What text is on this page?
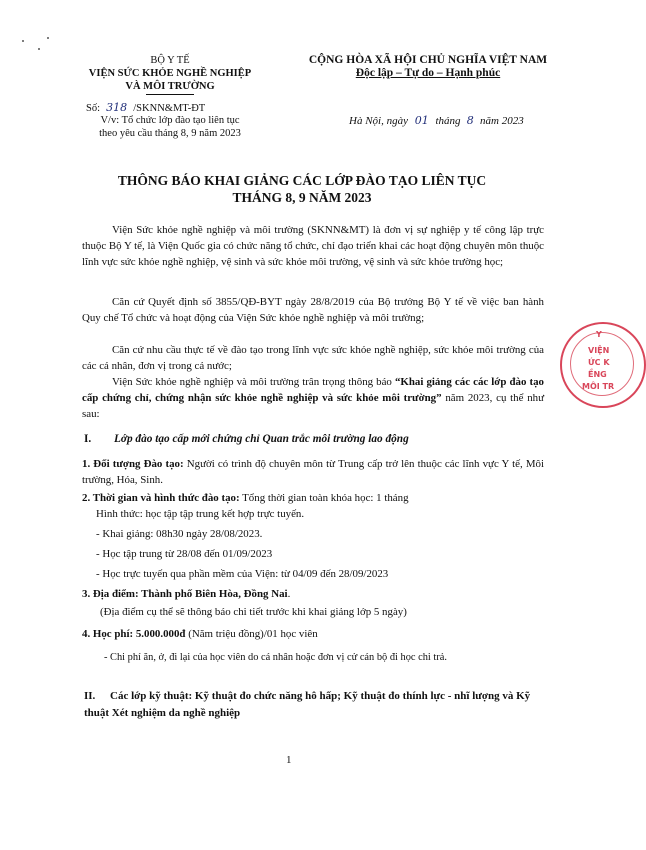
BỘ Y TẾ
VIỆN SỨC KHỎE NGHỀ NGHIỆP
VÀ MÔI TRƯỜNG
CỘNG HÒA XÃ HỘI CHỦ NGHĨA VIỆT NAM
Độc lập – Tự do – Hạnh phúc
Số: 318 /SKNN&MT-ĐT
V/v: Tổ chức lớp đào tạo liên tục
theo yêu cầu tháng 8, 9 năm 2023
Hà Nội, ngày 01 tháng 8 năm 2023
THÔNG BÁO KHAI GIẢNG CÁC LỚP ĐÀO TẠO LIÊN TỤC
THÁNG 8, 9 NĂM 2023
Viện Sức khỏe nghề nghiệp và môi trường (SKNN&MT) là đơn vị sự nghiệp y tế công lập trực thuộc Bộ Y tế, là Viện Quốc gia có chức năng tổ chức, chỉ đạo triển khai các hoạt động chuyên môn thuộc lĩnh vực sức khỏe nghề nghiệp, vệ sinh và sức khỏe môi trường, vệ sinh và sức khỏe trường học;
Căn cứ Quyết định số 3855/QĐ-BYT ngày 28/8/2019 của Bộ trưởng Bộ Y tế về việc ban hành Quy chế Tổ chức và hoạt động của Viện Sức khỏe nghề nghiệp và môi trường;
Căn cứ nhu cầu thực tế về đào tạo trong lĩnh vực sức khỏe nghề nghiệp, sức khỏe môi trường của các cá nhân, đơn vị trong cả nước;
Viện Sức khỏe nghề nghiệp và môi trường trân trọng thông báo “Khai giảng các các lớp đào tạo cấp chứng chỉ, chứng nhận sức khỏe nghề nghiệp và sức khỏe môi trường” năm 2023, cụ thể như sau:
I. Lớp đào tạo cấp mới chứng chỉ Quan trắc môi trường lao động
1. Đối tượng Đào tạo: Người có trình độ chuyên môn từ Trung cấp trở lên thuộc các lĩnh vực Y tế, Môi trường, Hóa, Sinh.
2. Thời gian và hình thức đào tạo: Tổng thời gian toàn khóa học: 1 tháng
Hình thức: học tập tập trung kết hợp trực tuyến.
- Khai giảng: 08h30 ngày 28/08/2023.
- Học tập trung từ 28/08 đến 01/09/2023
- Học trực tuyến qua phần mềm của Viện: từ 04/09 đến 28/09/2023
3. Địa điểm: Thành phố Biên Hòa, Đồng Nai.
(Địa điểm cụ thể sẽ thông báo chi tiết trước khi khai giảng lớp 5 ngày)
4. Học phí: 5.000.000đ (Năm triệu đồng)/01 học viên
- Chi phí ăn, ở, đi lại của học viên do cá nhân hoặc đơn vị cử cán bộ đi học chi trả.
II. Các lớp kỹ thuật: Kỹ thuật đo chức năng hô hấp; Kỹ thuật đo thính lực - nhĩ lượng và Kỹ thuật Xét nghiệm da nghề nghiệp
1
Y
VIỆN
ỨC K
ỀNG
MÔI TR
